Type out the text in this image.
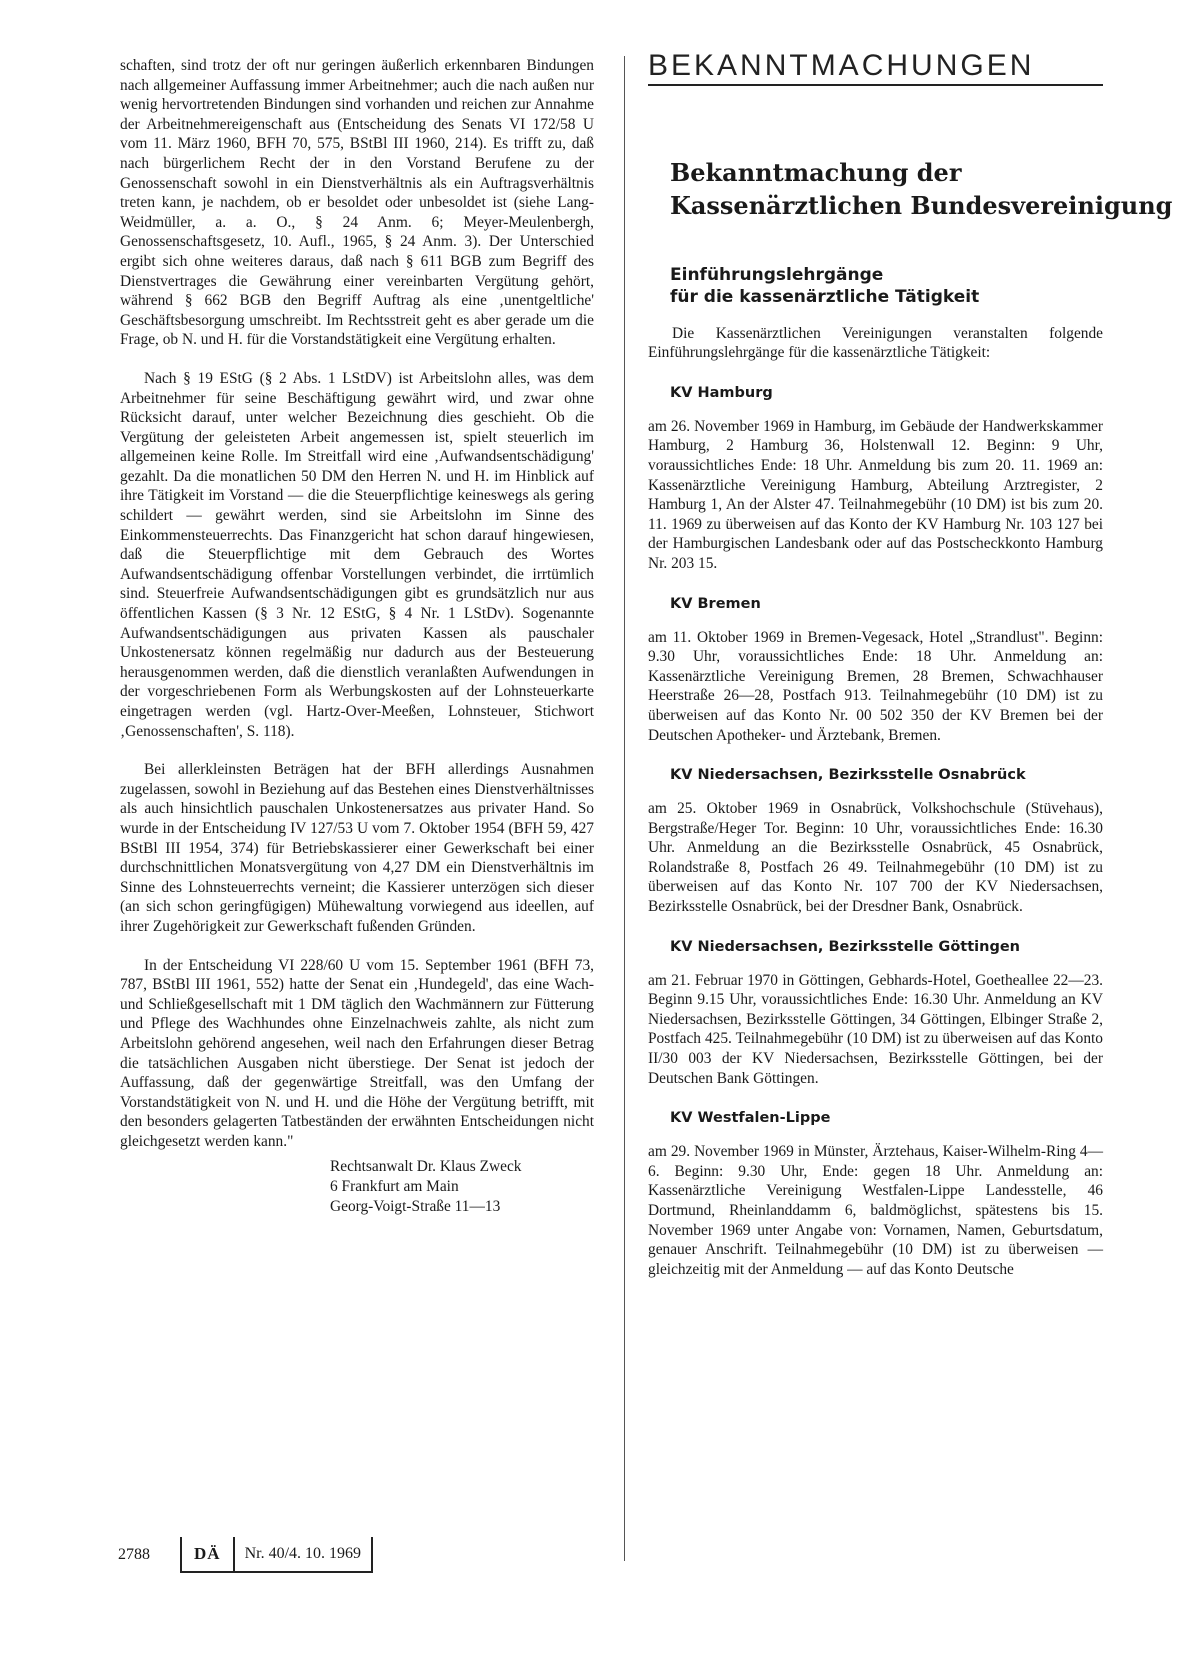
schaften, sind trotz der oft nur geringen äußerlich erkennbaren Bindungen nach allgemeiner Auffassung immer Arbeitnehmer; auch die nach außen nur wenig hervortretenden Bindungen sind vorhanden und reichen zur Annahme der Arbeitnehmereigenschaft aus (Entscheidung des Senats VI 172/58 U vom 11. März 1960, BFH 70, 575, BStBl III 1960, 214). Es trifft zu, daß nach bürgerlichem Recht der in den Vorstand Berufene zu der Genossenschaft sowohl in ein Dienstverhältnis als ein Auftragsverhältnis treten kann, je nachdem, ob er besoldet oder unbesoldet ist (siehe Lang-Weidmüller, a. a. O., § 24 Anm. 6; Meyer-Meulenbergh, Genossenschaftsgesetz, 10. Aufl., 1965, § 24 Anm. 3). Der Unterschied ergibt sich ohne weiteres daraus, daß nach § 611 BGB zum Begriff des Dienstvertrages die Gewährung einer vereinbarten Vergütung gehört, während § 662 BGB den Begriff Auftrag als eine ‚unentgeltliche' Geschäftsbesorgung umschreibt. Im Rechtsstreit geht es aber gerade um die Frage, ob N. und H. für die Vorstandstätigkeit eine Vergütung erhalten.

Nach § 19 EStG (§ 2 Abs. 1 LStDV) ist Arbeitslohn alles, was dem Arbeitnehmer für seine Beschäftigung gewährt wird, und zwar ohne Rücksicht darauf, unter welcher Bezeichnung dies geschieht. Ob die Vergütung der geleisteten Arbeit angemessen ist, spielt steuerlich im allgemeinen keine Rolle. Im Streitfall wird eine ‚Aufwandsentschädigung' gezahlt. Da die monatlichen 50 DM den Herren N. und H. im Hinblick auf ihre Tätigkeit im Vorstand — die die Steuerpflichtige keineswegs als gering schildert — gewährt werden, sind sie Arbeitslohn im Sinne des Einkommensteuerrechts. Das Finanzgericht hat schon darauf hingewiesen, daß die Steuerpflichtige mit dem Gebrauch des Wortes Aufwandsentschädigung offenbar Vorstellungen verbindet, die irrtümlich sind. Steuerfreie Aufwandsentschädigungen gibt es grundsätzlich nur aus öffentlichen Kassen (§ 3 Nr. 12 EStG, § 4 Nr. 1 LStDv). Sogenannte Aufwandsentschädigungen aus privaten Kassen als pauschaler Unkostenersatz können regelmäßig nur dadurch aus der Besteuerung herausgenommen werden, daß die dienstlich veranlaßten Aufwendungen in der vorgeschriebenen Form als Werbungskosten auf der Lohnsteuerkarte eingetragen werden (vgl. Hartz-Over-Meeßen, Lohnsteuer, Stichwort ‚Genossenschaften', S. 118).

Bei allerkleinsten Beträgen hat der BFH allerdings Ausnahmen zugelassen, sowohl in Beziehung auf das Bestehen eines Dienstverhältnisses als auch hinsichtlich pauschalen Unkostenersatzes aus privater Hand. So wurde in der Entscheidung IV 127/53 U vom 7. Oktober 1954 (BFH 59, 427 BStBl III 1954, 374) für Betriebskassierer einer Gewerkschaft bei einer durchschnittlichen Monatsvergütung von 4,27 DM ein Dienstverhältnis im Sinne des Lohnsteuerrechts verneint; die Kassierer unterzögen sich dieser (an sich schon geringfügigen) Mühewaltung vorwiegend aus ideellen, auf ihrer Zugehörigkeit zur Gewerkschaft fußenden Gründen.

In der Entscheidung VI 228/60 U vom 15. September 1961 (BFH 73, 787, BStBl III 1961, 552) hatte der Senat ein ‚Hundegeld', das eine Wach- und Schließgesellschaft mit 1 DM täglich den Wachmännern zur Fütterung und Pflege des Wachhundes ohne Einzelnachweis zahlte, als nicht zum Arbeitslohn gehörend angesehen, weil nach den Erfahrungen dieser Betrag die tatsächlichen Ausgaben nicht überstiege. Der Senat ist jedoch der Auffassung, daß der gegenwärtige Streitfall, was den Umfang der Vorstandstätigkeit von N. und H. und die Höhe der Vergütung betrifft, mit den besonders gelagerten Tatbeständen der erwähnten Entscheidungen nicht gleichgesetzt werden kann."

Rechtsanwalt Dr. Klaus Zweck
6 Frankfurt am Main
Georg-Voigt-Straße 11—13
BEKANNTMACHUNGEN
Bekanntmachung der
Kassenärztlichen Bundesvereinigung
Einführungslehrgänge
für die kassenärztliche Tätigkeit

Die Kassenärztlichen Vereinigungen veranstalten folgende Einführungslehrgänge für die kassenärztliche Tätigkeit:

KV Hamburg

am 26. November 1969 in Hamburg, im Gebäude der Handwerkskammer Hamburg, 2 Hamburg 36, Holstenwall 12. Beginn: 9 Uhr, voraussichtliches Ende: 18 Uhr. Anmeldung bis zum 20. 11. 1969 an: Kassenärztliche Vereinigung Hamburg, Abteilung Arztregister, 2 Hamburg 1, An der Alster 47. Teilnahmegebühr (10 DM) ist bis zum 20. 11. 1969 zu überweisen auf das Konto der KV Hamburg Nr. 103 127 bei der Hamburgischen Landesbank oder auf das Postscheckkonto Hamburg Nr. 203 15.

KV Bremen

am 11. Oktober 1969 in Bremen-Vegesack, Hotel „Strandlust". Beginn: 9.30 Uhr, voraussichtliches Ende: 18 Uhr. Anmeldung an: Kassenärztliche Vereinigung Bremen, 28 Bremen, Schwachhauser Heerstraße 26—28, Postfach 913. Teilnahmegebühr (10 DM) ist zu überweisen auf das Konto Nr. 00 502 350 der KV Bremen bei der Deutschen Apotheker- und Ärztebank, Bremen.

KV Niedersachsen, Bezirksstelle Osnabrück

am 25. Oktober 1969 in Osnabrück, Volkshochschule (Stüvehaus), Bergstraße/Heger Tor. Beginn: 10 Uhr, voraussichtliches Ende: 16.30 Uhr. Anmeldung an die Bezirksstelle Osnabrück, 45 Osnabrück, Rolandstraße 8, Postfach 26 49. Teilnahmegebühr (10 DM) ist zu überweisen auf das Konto Nr. 107 700 der KV Niedersachsen, Bezirksstelle Osnabrück, bei der Dresdner Bank, Osnabrück.

KV Niedersachsen, Bezirksstelle Göttingen

am 21. Februar 1970 in Göttingen, Gebhards-Hotel, Goetheallee 22—23. Beginn 9.15 Uhr, voraussichtliches Ende: 16.30 Uhr. Anmeldung an KV Niedersachsen, Bezirksstelle Göttingen, 34 Göttingen, Elbinger Straße 2, Postfach 425. Teilnahmegebühr (10 DM) ist zu überweisen auf das Konto II/30 003 der KV Niedersachsen, Bezirksstelle Göttingen, bei der Deutschen Bank Göttingen.

KV Westfalen-Lippe

am 29. November 1969 in Münster, Ärztehaus, Kaiser-Wilhelm-Ring 4—6. Beginn: 9.30 Uhr, Ende: gegen 18 Uhr. Anmeldung an: Kassenärztliche Vereinigung Westfalen-Lippe Landesstelle, 46 Dortmund, Rheinlanddamm 6, baldmöglichst, spätestens bis 15. November 1969 unter Angabe von: Vornamen, Namen, Geburtsdatum, genauer Anschrift. Teilnahmegebühr (10 DM) ist zu überweisen — gleichzeitig mit der Anmeldung — auf das Konto Deutsche

2788	DÄ	Nr. 40/4. 10. 1969
